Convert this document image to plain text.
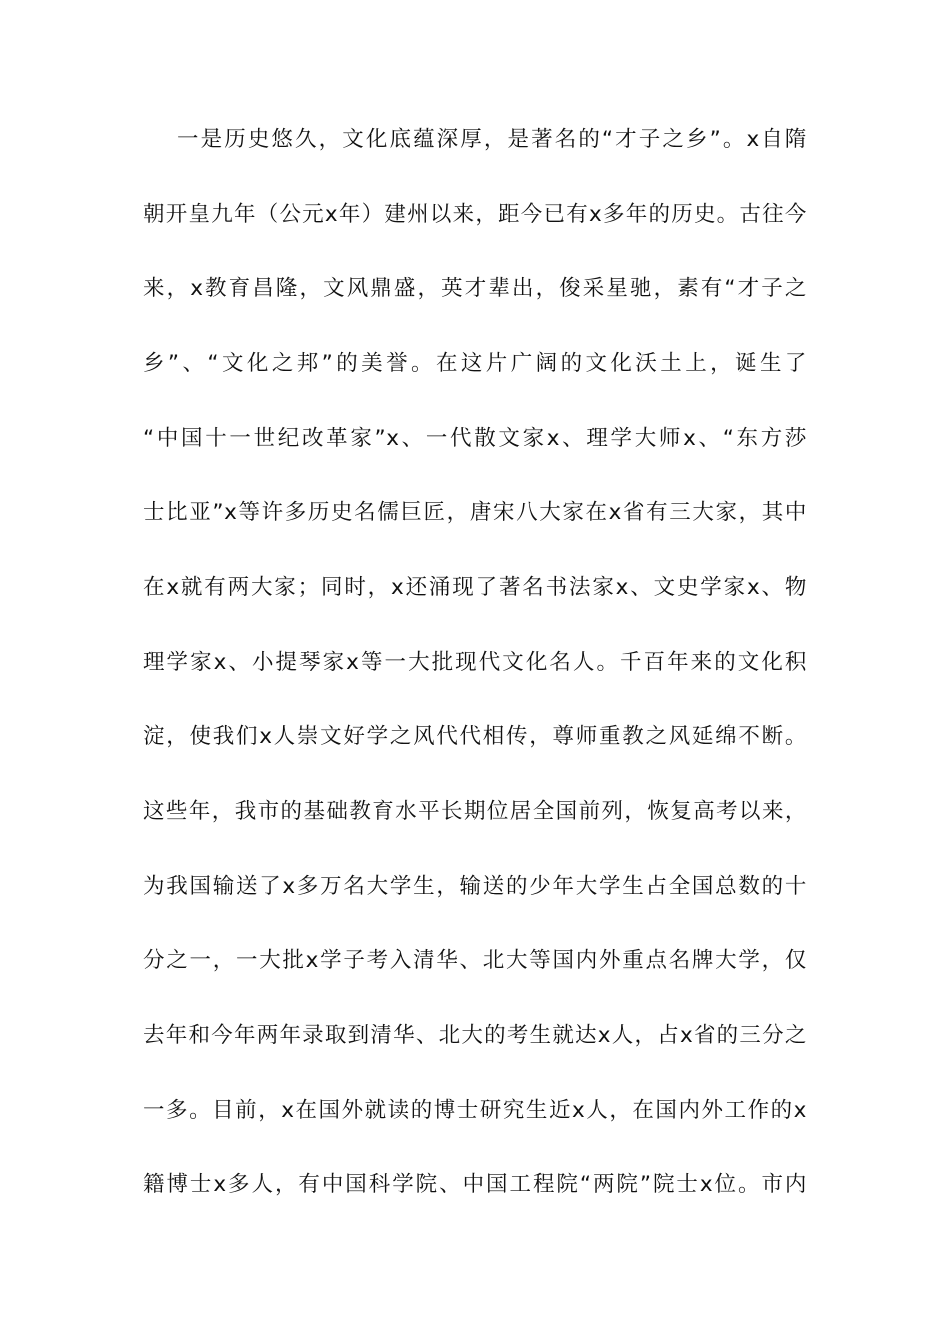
一是历史悠久，文化底蕴深厚，是著名的“才子之乡”。x自隋
朝开皇九年（公元x年）建州以来，距今已有x多年的历史。古往今
来，x教育昌隆，文风鼎盛，英才辈出，俊采星驰，素有“才子之
乡”、“文化之邦”的美誉。在这片广阔的文化沃土上，诞生了
“中国十一世纪改革家”x、一代散文家x、理学大师x、“东方莎
士比亚”x等许多历史名儒巨匠，唐宋八大家在x省有三大家，其中
在x就有两大家；同时，x还涌现了著名书法家x、文史学家x、物
理学家x、小提琴家x等一大批现代文化名人。千百年来的文化积
淀，使我们x人崇文好学之风代代相传，尊师重教之风延绵不断。
这些年，我市的基础教育水平长期位居全国前列，恢复高考以来，
为我国输送了x多万名大学生，输送的少年大学生占全国总数的十
分之一，一大批x学子考入清华、北大等国内外重点名牌大学，仅
去年和今年两年录取到清华、北大的考生就达x人，占x省的三分之
一多。目前，x在国外就读的博士研究生近x人，在国内外工作的x
籍博士x多人，有中国科学院、中国工程院“两院”院士x位。市内
